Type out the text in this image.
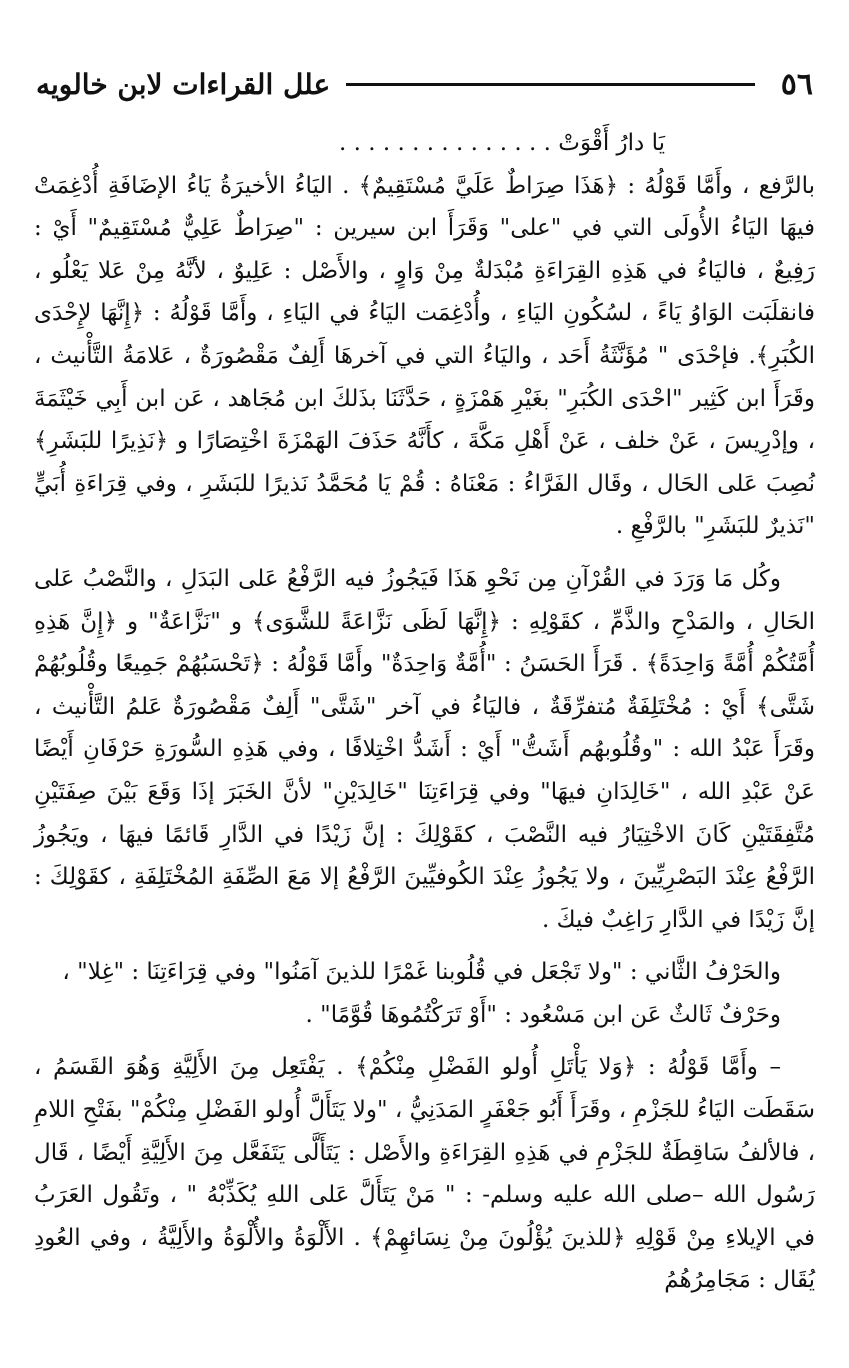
٥٦
علل القراءات لابن خالويه

يَا دارُ أَقْوَتْ . . . . . . . . . . . . . . .

بالرَّفع ، وأَمَّا قَوْلُهُ : ﴿هَذَا صِرَاطٌ عَلَيَّ مُسْتَقِيمٌ﴾ . اليَاءُ الأخيرَةُ يَاءُ الإضَافَةِ أُدْغِمَتْ فيهَا اليَاءُ الأُولَى التي في "على" وَقَرَأَ ابن سيرين : "صِرَاطٌ عَلِيٌّ مُسْتَقِيمٌ" أَيْ : رَفِيعٌ ، فاليَاءُ في هَذِهِ القِرَاءَةِ مُبْدَلةٌ مِنْ وَاوٍ ، والأَصْل : عَلِيوٌ ، لأنَّهُ مِنْ عَلا يَعْلُو ، فانقلَبَت الوَاوُ يَاءً ، لسُكُونِ اليَاءِ ، وأُدْغِمَت اليَاءُ في اليَاءِ ، وأَمَّا قَوْلُهُ : ﴿إِنَّهَا لإِحْدَى الكُبَرِ﴾. فإحْدَى " مُؤَنَّثَةُ أَحَد ، واليَاءُ التي في آخرهَا أَلِفٌ مَقْصُورَةٌ ، عَلامَةُ التَّأْنيث ، وقَرَأَ ابن كَثِير "احْدَى الكُبَرِ" بغَيْرِ هَمْزَةٍ ، حَدَّثَنَا بذَلكَ ابن مُجَاهد ، عَن ابن أَبِي خَيْثَمَةَ ، وإدْرِيسَ ، عَنْ خلف ، عَنْ أَهْلِ مَكَّةَ ، كأَنَّهُ حَذَفَ الهَمْزَةَ اخْتِصَارًا و ﴿نَذِيرًا للبَشَرِ﴾ نُصِبَ عَلى الحَال ، وقَال الفَرَّاءُ : مَعْنَاهُ : قُمْ يَا مُحَمَّدُ نَذيرًا للبَشَرِ ، وفي قِرَاءَةِ أُبَيٍّ "نَذيرٌ للبَشَرِ" بالرَّفْعِ .

وكُل مَا وَرَدَ في القُرْآنِ مِن نَحْوِ هَذَا فَيَجُوزُ فيه الرَّفْعُ عَلى البَدَلِ ، والنَّصْبُ عَلى الحَالِ ، والمَدْحِ والذَّمِّ ، كقَوْلِهِ : ﴿إِنَّهَا لَظَى نَزَّاعَةً للشَّوَى﴾ و "نَزَّاعَةٌ" و ﴿إِنَّ هَذِهِ أُمَّتُكُمْ أُمَّةً وَاحِدَةً﴾ . قَرَأَ الحَسَنُ : "أُمَّةٌ وَاحِدَةٌ" وأَمَّا قَوْلُهُ : ﴿تَحْسَبُهُمْ جَمِيعًا وقُلُوبُهُمْ شَتَّى﴾ أَيْ : مُخْتَلِفَةٌ مُتفرِّقَةٌ ، فاليَاءُ في آخر "شَتَّى" أَلِفٌ مَقْصُورَةٌ عَلمُ التَّأْنيث ، وقَرَأَ عَبْدُ الله : "وقُلُوبهُم أَشَتُّ" أَيْ : أَشَدُّ اخْتِلافًا ، وفي هَذِهِ السُّورَةِ حَرْفَانِ أَيْضًا عَنْ عَبْدِ الله ، "خَالِدَانِ فيهَا" وفي قِرَاءَتِنَا "خَالِدَيْنِ" لأنَّ الخَبَرَ إذَا وَقَعَ بَيْنَ صِفَتَيْنِ مُتَّفِقَتَيْنِ كَانَ الاخْتِيَارُ فيه النَّصْبَ ، كقَوْلِكَ : إنَّ زَيْدًا في الدَّارِ قَائمًا فيهَا ، ويَجُوزُ الرَّفْعُ عِنْدَ البَصْرِيِّينَ ، ولا يَجُوزُ عِنْدَ الكُوفيِّينَ الرَّفْعُ إلا مَعَ الصِّفَةِ المُخْتَلِفَةِ ، كقَوْلِكَ : إنَّ زَيْدًا في الدَّارِ رَاغِبٌ فيكَ .

والحَرْفُ الثَّاني : "ولا تَجْعَل في قُلُوبنا غَمْرًا للذينَ آمَنُوا" وفي قِرَاءَتِنَا : "غِلا" ،

وحَرْفٌ ثَالثٌ عَن ابن مَسْعُود : "أَوْ تَرَكْتُمُوهَا قُوَّمًا" .

– وأَمَّا قَوْلُهُ : ﴿وَلا يَأْتَلِ أُولو الفَضْلِ مِنْكُمْ﴾ . يَفْتَعِل مِنَ الأَلِيَّةِ وَهُوَ القَسَمُ ، سَقَطَت اليَاءُ للجَزْمِ ، وقَرَأَ أَبُو جَعْفَرٍ المَدَنِيُّ ، "ولا يَتَأَلَّ أُولو الفَضْلِ مِنْكُمْ" بفَتْحِ اللامِ ، فالألفُ سَاقِطَةٌ للجَزْمِ في هَذِهِ القِرَاءَةِ والأَصْل : يَتَأَلَّى يَتَفَعَّل مِنَ الأَلِيَّةِ أَيْضًا ، قَال رَسُول الله –صلى الله عليه وسلم- : " مَنْ يَتَأَلَّ عَلى اللهِ يُكَذِّبْهُ " ، وتَقُول العَرَبُ في الإيلاءِ مِنْ قَوْلِهِ ﴿للذينَ يُؤْلُونَ مِنْ نِسَائهِمْ﴾ . الأَلْوَةُ والأُلْوَةُ والأَلِيَّةُ ، وفي العُودِ يُقَال : مَجَامِرُهُمُ
